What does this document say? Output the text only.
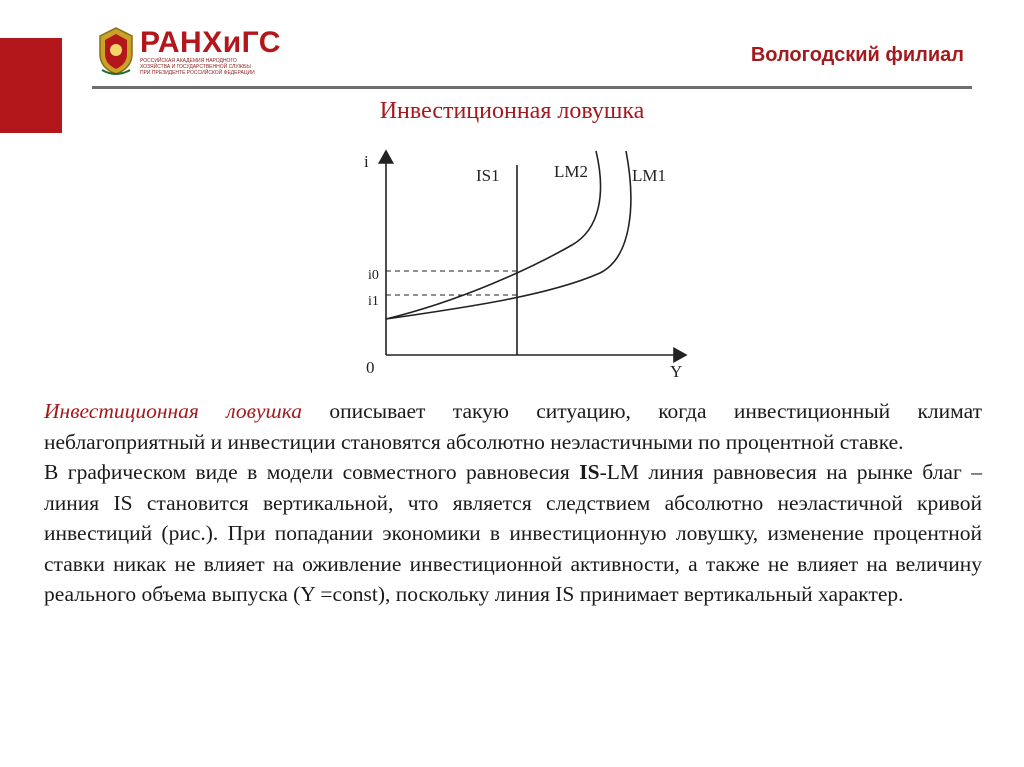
РАНХиГС
РОССИЙСКАЯ АКАДЕМИЯ НАРОДНОГО ХОЗЯЙСТВА И ГОСУДАРСТВЕННОЙ СЛУЖБЫ ПРИ ПРЕЗИДЕНТЕ РОССИЙСКОЙ ФЕДЕРАЦИИ
Вологодский филиал
Инвестиционная ловушка
i
Y
0
i0
i1
IS1	LM2	LM1

Инвестиционная ловушка описывает такую ситуацию, когда инвестиционный климат неблагоприятный и инвестиции становятся абсолютно неэластичными по процентной ставке.

В графическом виде в модели совместного равновесия IS-LM линия равновесия на рынке благ – линия IS становится вертикальной, что является следствием абсолютно неэластичной кривой инвестиций (рис.). При попадании экономики в инвестиционную ловушку, изменение процентной ставки никак не влияет на оживление инвестиционной активности, а также не влияет на величину реального объема выпуска (Y =const), поскольку линия IS принимает вертикальный характер.
